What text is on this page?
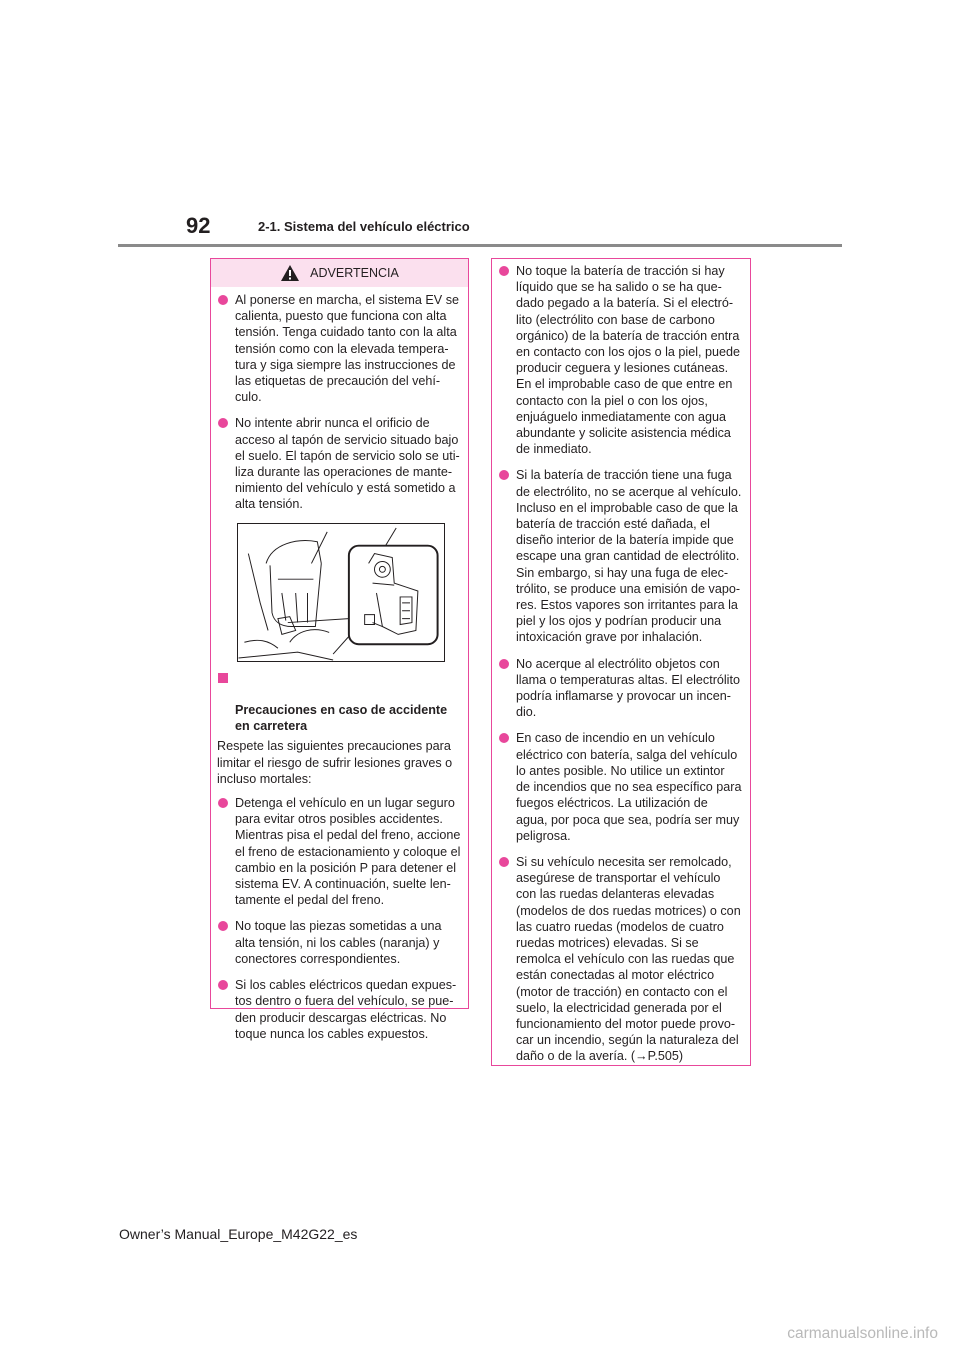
92	2-1. Sistema del vehículo eléctrico
ADVERTENCIA
Al ponerse en marcha, el sistema EV se
calienta, puesto que funciona con alta
tensión. Tenga cuidado tanto con la alta
tensión como con la elevada tempera-
tura y siga siempre las instrucciones de
las etiquetas de precaución del vehí-
culo.
No intente abrir nunca el orificio de
acceso al tapón de servicio situado bajo
el suelo. El tapón de servicio solo se uti-
liza durante las operaciones de mante-
nimiento del vehículo y está sometido a
alta tensión.

Precauciones en caso de accidente
en carretera

Respete las siguientes precauciones para
limitar el riesgo de sufrir lesiones graves o
incluso mortales:

Detenga el vehículo en un lugar seguro
para evitar otros posibles accidentes.
Mientras pisa el pedal del freno, accione
el freno de estacionamiento y coloque el
cambio en la posición P para detener el
sistema EV. A continuación, suelte len-
tamente el pedal del freno.
No toque las piezas sometidas a una
alta tensión, ni los cables (naranja) y
conectores correspondientes.
Si los cables eléctricos quedan expues-
tos dentro o fuera del vehículo, se pue-
den producir descargas eléctricas. No
toque nunca los cables expuestos.
No toque la batería de tracción si hay
líquido que se ha salido o se ha que-
dado pegado a la batería. Si el electró-
lito (electrólito con base de carbono
orgánico) de la batería de tracción entra
en contacto con los ojos o la piel, puede
producir ceguera y lesiones cutáneas.
En el improbable caso de que entre en
contacto con la piel o con los ojos,
enjuáguelo inmediatamente con agua
abundante y solicite asistencia médica
de inmediato.
Si la batería de tracción tiene una fuga
de electrólito, no se acerque al vehículo.
Incluso en el improbable caso de que la
batería de tracción esté dañada, el
diseño interior de la batería impide que
escape una gran cantidad de electrólito.
Sin embargo, si hay una fuga de elec-
trólito, se produce una emisión de vapo-
res. Estos vapores son irritantes para la
piel y los ojos y podrían producir una
intoxicación grave por inhalación.
No acerque al electrólito objetos con
llama o temperaturas altas. El electrólito
podría inflamarse y provocar un incen-
dio.
En caso de incendio en un vehículo
eléctrico con batería, salga del vehículo
lo antes posible. No utilice un extintor
de incendios que no sea específico para
fuegos eléctricos. La utilización de
agua, por poca que sea, podría ser muy
peligrosa.
Si su vehículo necesita ser remolcado,
asegúrese de transportar el vehículo
con las ruedas delanteras elevadas
(modelos de dos ruedas motrices) o con
las cuatro ruedas (modelos de cuatro
ruedas motrices) elevadas. Si se
remolca el vehículo con las ruedas que
están conectadas al motor eléctrico
(motor de tracción) en contacto con el
suelo, la electricidad generada por el
funcionamiento del motor puede provo-
car un incendio, según la naturaleza del
daño o de la avería. (→P.505)
Owner’s Manual_Europe_M42G22_es
carmanualsonline.info
